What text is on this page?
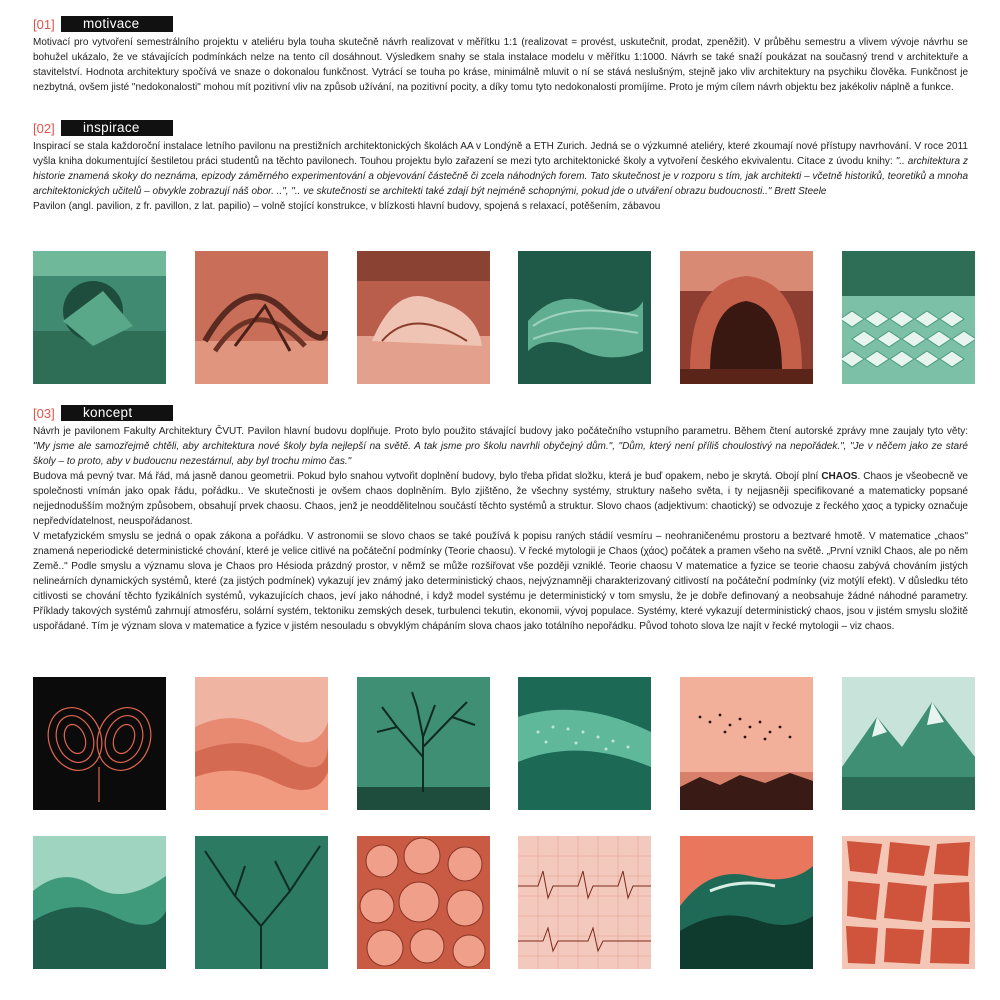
[01]	motivace

Motivací pro vytvoření semestrálního projektu v ateliéru byla touha skutečně návrh realizovat v měřítku 1:1 (realizovat = provést, uskutečnit, prodat, zpeněžit). V průběhu semestru a vlivem vývoje návrhu se bohužel ukázalo, že ve stávajících podmínkách nelze na tento cíl dosáhnout. Výsledkem snahy se stala instalace modelu v měřítku 1:1000. Návrh se také snaží poukázat na současný trend v architektuře a stavitelství. Hodnota architektury spočívá ve snaze o dokonalou funkčnost. Vytrácí se touha po kráse, minimálně mluvit o ní se stává neslušným, stejně jako vliv architektury na psychiku člověka. Funkčnost je nezbytná, ovšem jisté "nedokonalosti" mohou mít pozitivní vliv na způsob užívání, na pozitivní pocity, a díky tomu tyto nedokonalosti promíjíme. Proto je mým cílem návrh objektu bez jakékoliv náplně a funkce.

[02]	inspirace

Inspirací se stala každoroční instalace letního pavilonu na prestižních architektonických školách AA v Londýně a ETH Zurich. Jedná se o výzkumné ateliéry, které zkoumají nové přístupy navrhování. V roce 2011 vyšla kniha dokumentující šestiletou práci studentů na těchto pavilonech. Touhou projektu bylo zařazení se mezi tyto architektonické školy a vytvoření českého ekvivalentu. Citace z úvodu knihy: ".. architektura z historie znamená skoky do neznáma, epizody záměrného experimentování a objevování částečně či zcela náhodných forem. Tato skutečnost je v rozporu s tím, jak architekti – včetně historiků, teoretiků a mnoha architektonických učitelů – obvykle zobrazují náš obor. ..", ".. ve skutečnosti se architekti také zdají být nejméně schopnými, pokud jde o utváření obrazu budoucnosti.." Brett Steele

Pavilon (angl. pavilion, z fr. pavillon, z lat. papilio) – volně stojící konstrukce, v blízkosti hlavní budovy, spojená s relaxací, potěšením, zábavou

[03]	koncept

Návrh je pavilonem Fakulty Architektury ČVUT. Pavilon hlavní budovu doplňuje. Proto bylo použito stávající budovy jako počátečního vstupního parametru. Během čtení autorské zprávy mne zaujaly tyto věty: "My jsme ale samozřejmě chtěli, aby architektura nové školy byla nejlepší na světě. A tak jsme pro školu navrhli obyčejný dům.", "Dům, který není příliš choulostivý na nepořádek.", "Je v něčem jako ze staré školy – to proto, aby v budoucnu nezestárnul, aby byl trochu mimo čas."

Budova má pevný tvar. Má řád, má jasně danou geometrii. Pokud bylo snahou vytvořit doplnění budovy, bylo třeba přidat složku, která je buď opakem, nebo je skrytá. Obojí plní CHAOS. Chaos je všeobecně ve společnosti vnímán jako opak řádu, pořádku.. Ve skutečnosti je ovšem chaos doplněním. Bylo zjištěno, že všechny systémy, struktury našeho světa, i ty nejjasněji specifikované a matematicky popsané nejjednodušším možným způsobem, obsahují prvek chaosu. Chaos, jenž je neoddělitelnou součástí těchto systémů a struktur. Slovo chaos (adjektivum: chaotický) se odvozuje z řeckého χαος a typicky označuje nepředvídatelnost, neuspořádanost.

V metafyzickém smyslu se jedná o opak zákona a pořádku. V astronomii se slovo chaos se také používá k popisu raných stádií vesmíru – neohraničenému prostoru a beztvaré hmotě. V matematice „chaos" znamená neperiodické deterministické chování, které je velice citlivé na počáteční podmínky (Teorie chaosu). V řecké mytologii je Chaos (χάος) počátek a pramen všeho na světě. „První vznikl Chaos, ale po něm Země.." Podle smyslu a významu slova je Chaos pro Hésioda prázdný prostor, v němž se může rozšiřovat vše později vzniklé. Teorie chaosu V matematice a fyzice se teorie chaosu zabývá chováním jistých nelineárních dynamických systémů, které (za jistých podmínek) vykazují jev známý jako deterministický chaos, nejvýznamněji charakterizovaný citlivostí na počáteční podmínky (viz motýlí efekt). V důsledku této citlivosti se chování těchto fyzikálních systémů, vykazujících chaos, jeví jako náhodné, i když model systému je deterministický v tom smyslu, že je dobře definovaný a neobsahuje žádné náhodné parametry. Příklady takových systémů zahrnují atmosféru, solární systém, tektoniku zemských desek, turbulenci tekutin, ekonomii, vývoj populace. Systémy, které vykazují deterministický chaos, jsou v jistém smyslu složitě uspořádané. Tím je význam slova v matematice a fyzice v jistém nesouladu s obvyklým chápáním slova chaos jako totálního nepořádku. Původ tohoto slova lze najít v řecké mytologii – viz chaos.
